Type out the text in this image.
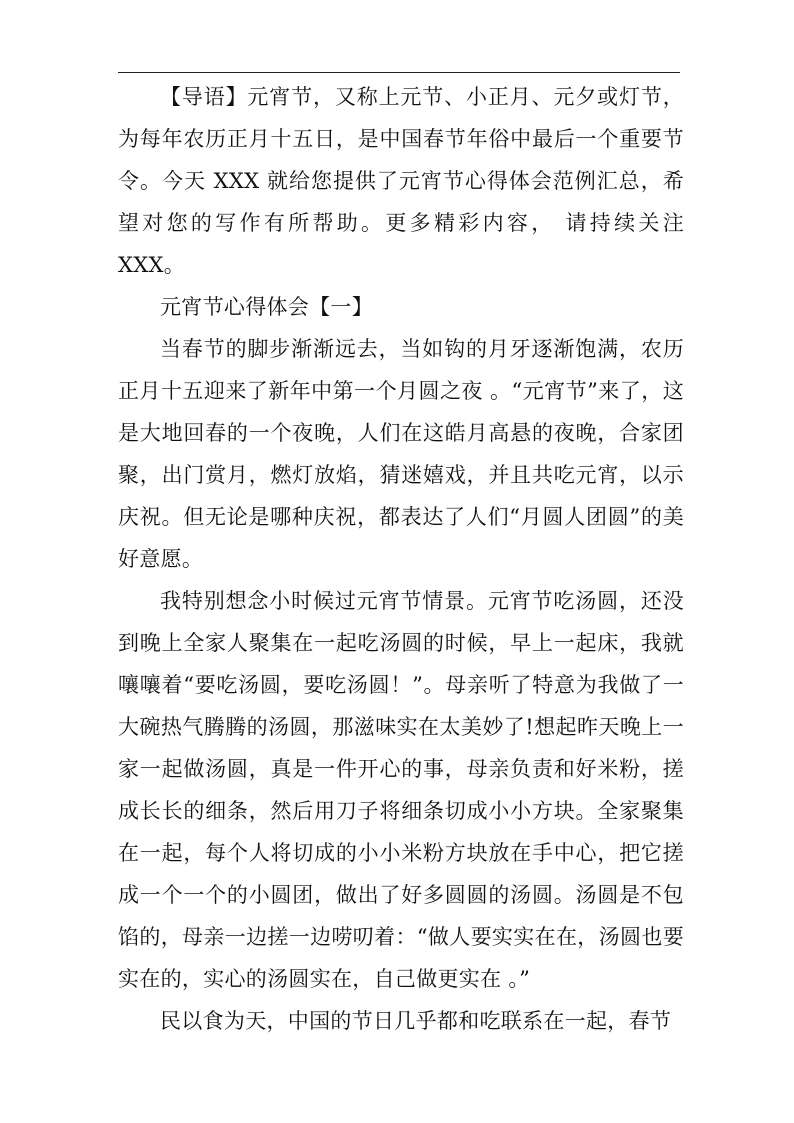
【导语】元宵节，又称上元节、小正月、元夕或灯节，为每年农历正月十五日，是中国春节年俗中最后一个重要节令。今天 XXX 就给您提供了元宵节心得体会范例汇总，希望对您的写作有所帮助。更多精彩内容， 请持续关注 XXX。

元宵节心得体会【一】

当春节的脚步渐渐远去，当如钩的月牙逐渐饱满，农历正月十五迎来了新年中第一个月圆之夜 。“元宵节”来了，这是大地回春的一个夜晚，人们在这皓月高悬的夜晚，合家团聚，出门赏月，燃灯放焰，猜迷嬉戏，并且共吃元宵，以示庆祝。但无论是哪种庆祝，都表达了人们“月圆人团圆”的美好意愿。

我特别想念小时候过元宵节情景。元宵节吃汤圆，还没到晚上全家人聚集在一起吃汤圆的时候，早上一起床，我就嚷嚷着“要吃汤圆，要吃汤圆！”。母亲听了特意为我做了一大碗热气腾腾的汤圆，那滋味实在太美妙了!想起昨天晚上一家一起做汤圆，真是一件开心的事，母亲负责和好米粉，搓成长长的细条，然后用刀子将细条切成小小方块。全家聚集在一起，每个人将切成的小小米粉方块放在手中心，把它搓成一个一个的小圆团，做出了好多圆圆的汤圆。汤圆是不包馅的，母亲一边搓一边唠叨着：“做人要实实在在，汤圆也要实在的，实心的汤圆实在，自己做更实在 。”

民以食为天，中国的节日几乎都和吃联系在一起，春节
